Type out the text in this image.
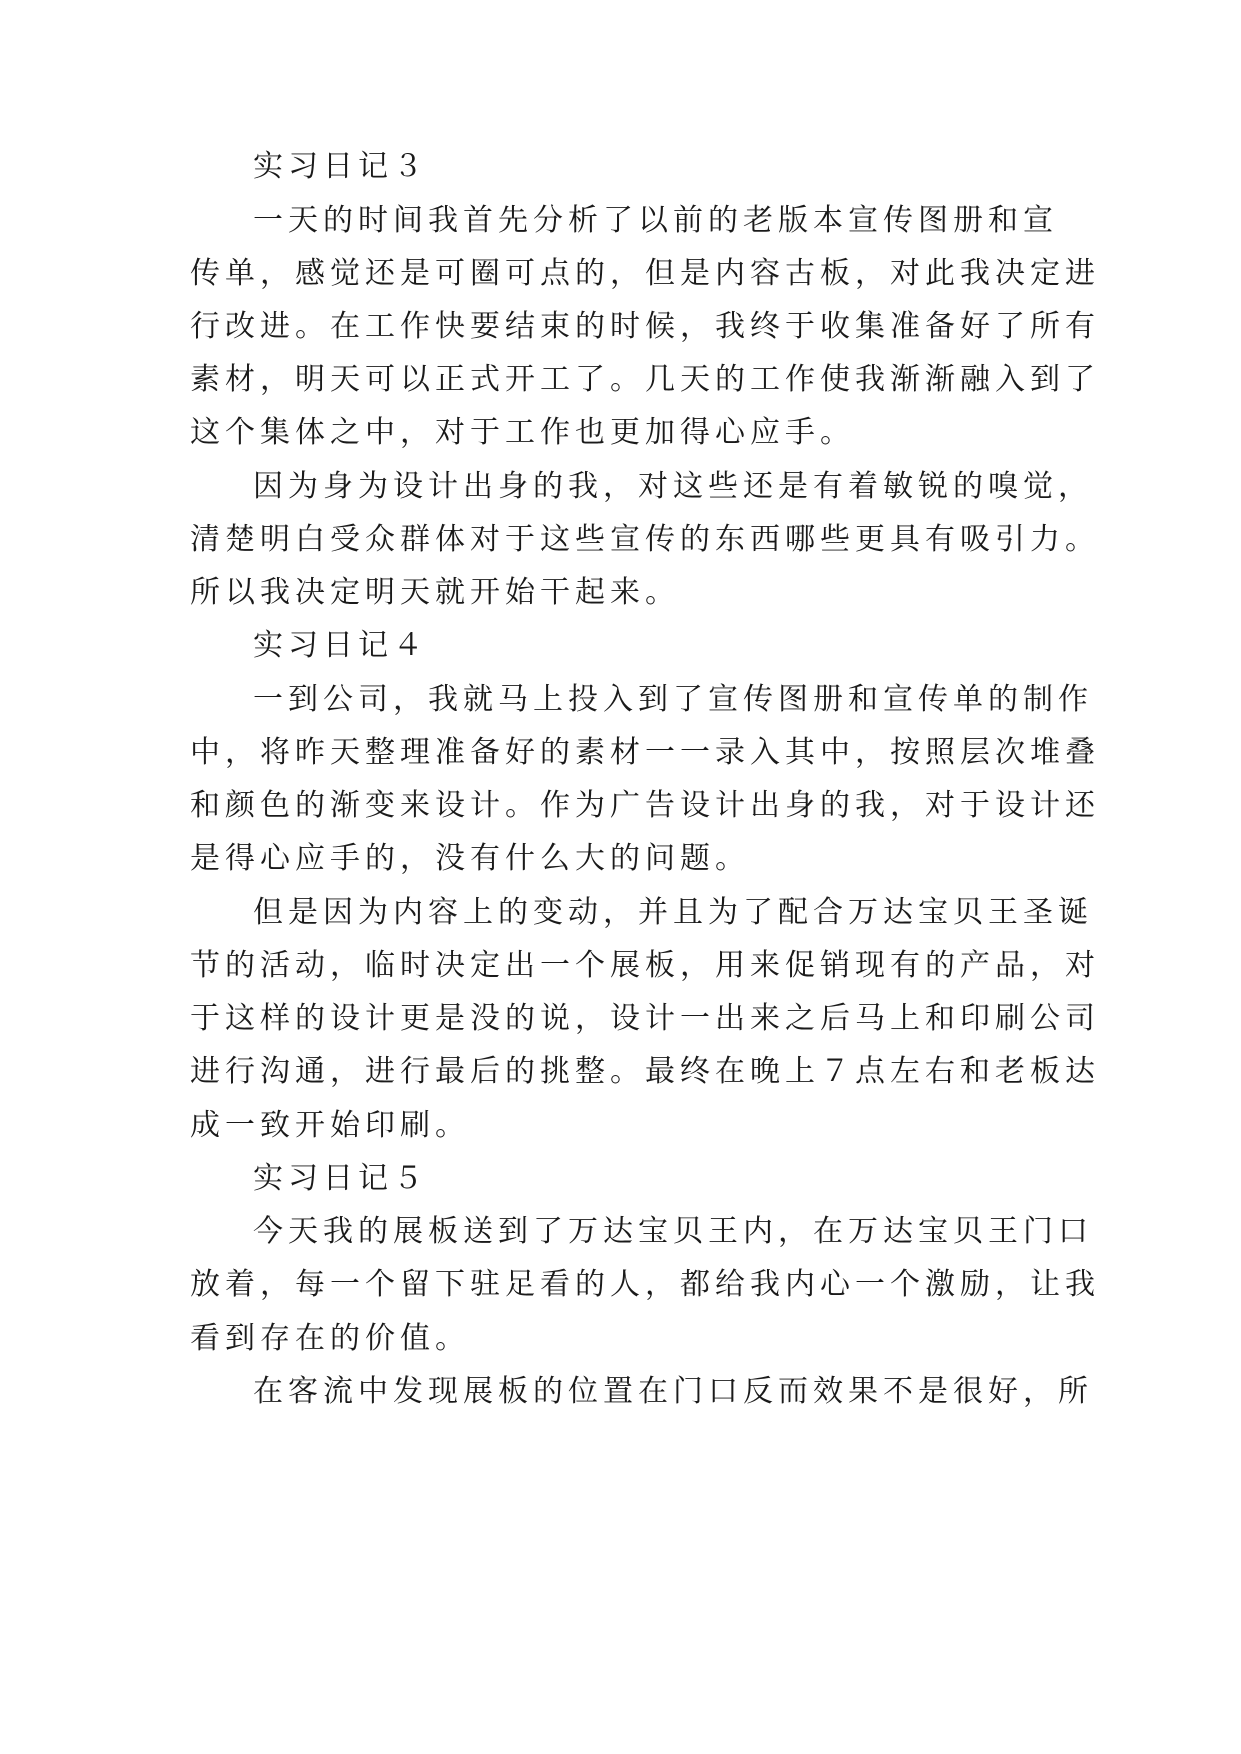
实习日记３
一天的时间我首先分析了以前的老版本宣传图册和宣
传单，感觉还是可圈可点的，但是内容古板，对此我决定进
行改进。在工作快要结束的时候，我终于收集准备好了所有
素材，明天可以正式开工了。几天的工作使我渐渐融入到了
这个集体之中，对于工作也更加得心应手。
因为身为设计出身的我，对这些还是有着敏锐的嗅觉，
清楚明白受众群体对于这些宣传的东西哪些更具有吸引力。
所以我决定明天就开始干起来。
实习日记４
一到公司，我就马上投入到了宣传图册和宣传单的制作
中，将昨天整理准备好的素材一一录入其中，按照层次堆叠
和颜色的渐变来设计。作为广告设计出身的我，对于设计还
是得心应手的，没有什么大的问题。
但是因为内容上的变动，并且为了配合万达宝贝王圣诞
节的活动，临时决定出一个展板，用来促销现有的产品，对
于这样的设计更是没的说，设计一出来之后马上和印刷公司
进行沟通，进行最后的挑整。最终在晚上７点左右和老板达
成一致开始印刷。
实习日记５
今天我的展板送到了万达宝贝王内，在万达宝贝王门口
放着，每一个留下驻足看的人，都给我内心一个激励，让我
看到存在的价值。
在客流中发现展板的位置在门口反而效果不是很好，所
